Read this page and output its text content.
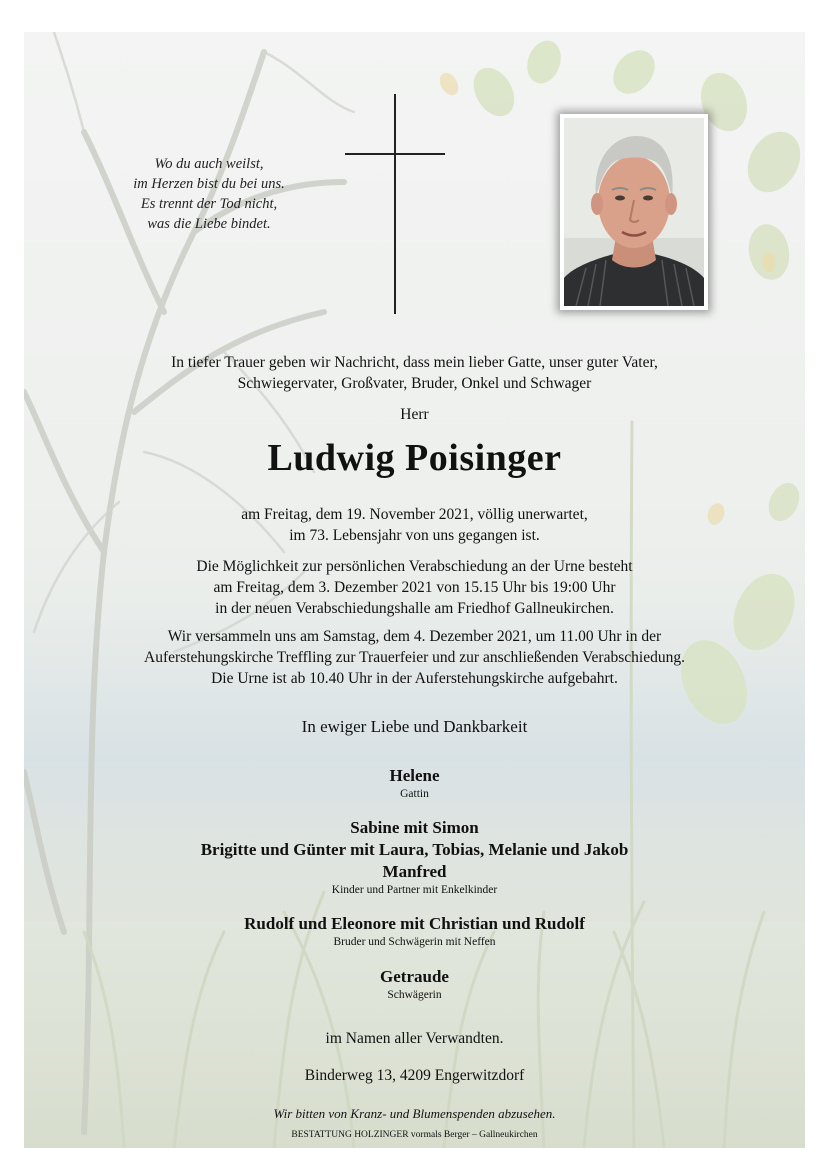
Wo du auch weilst,
im Herzen bist du bei uns.
Es trennt der Tod nicht,
was die Liebe bindet.
In tiefer Trauer geben wir Nachricht, dass mein lieber Gatte, unser guter Vater,
Schwiegervater, Großvater, Bruder, Onkel und Schwager
Herr
Ludwig Poisinger
am Freitag, dem 19. November 2021, völlig unerwartet,
im 73. Lebensjahr von uns gegangen ist.
Die Möglichkeit zur persönlichen Verabschiedung an der Urne besteht
am Freitag, dem 3. Dezember 2021 von 15.15 Uhr bis 19:00 Uhr
in der neuen Verabschiedungshalle am Friedhof Gallneukirchen.
Wir versammeln uns am Samstag, dem 4. Dezember 2021, um 11.00 Uhr in der
Auferstehungskirche Treffling zur Trauerfeier und zur anschließenden Verabschiedung.
Die Urne ist ab 10.40 Uhr in der Auferstehungskirche aufgebahrt.
In ewiger Liebe und Dankbarkeit
Helene
Gattin
Sabine mit Simon
Brigitte und Günter mit Laura, Tobias, Melanie und Jakob
Manfred
Kinder und Partner mit Enkelkinder
Rudolf und Eleonore mit Christian und Rudolf
Bruder und Schwägerin mit Neffen
Getraude
Schwägerin
im Namen aller Verwandten.
Binderweg 13, 4209 Engerwitzdorf
Wir bitten von Kranz- und Blumenspenden abzusehen.
BESTATTUNG HOLZINGER vormals Berger – Gallneukirchen
